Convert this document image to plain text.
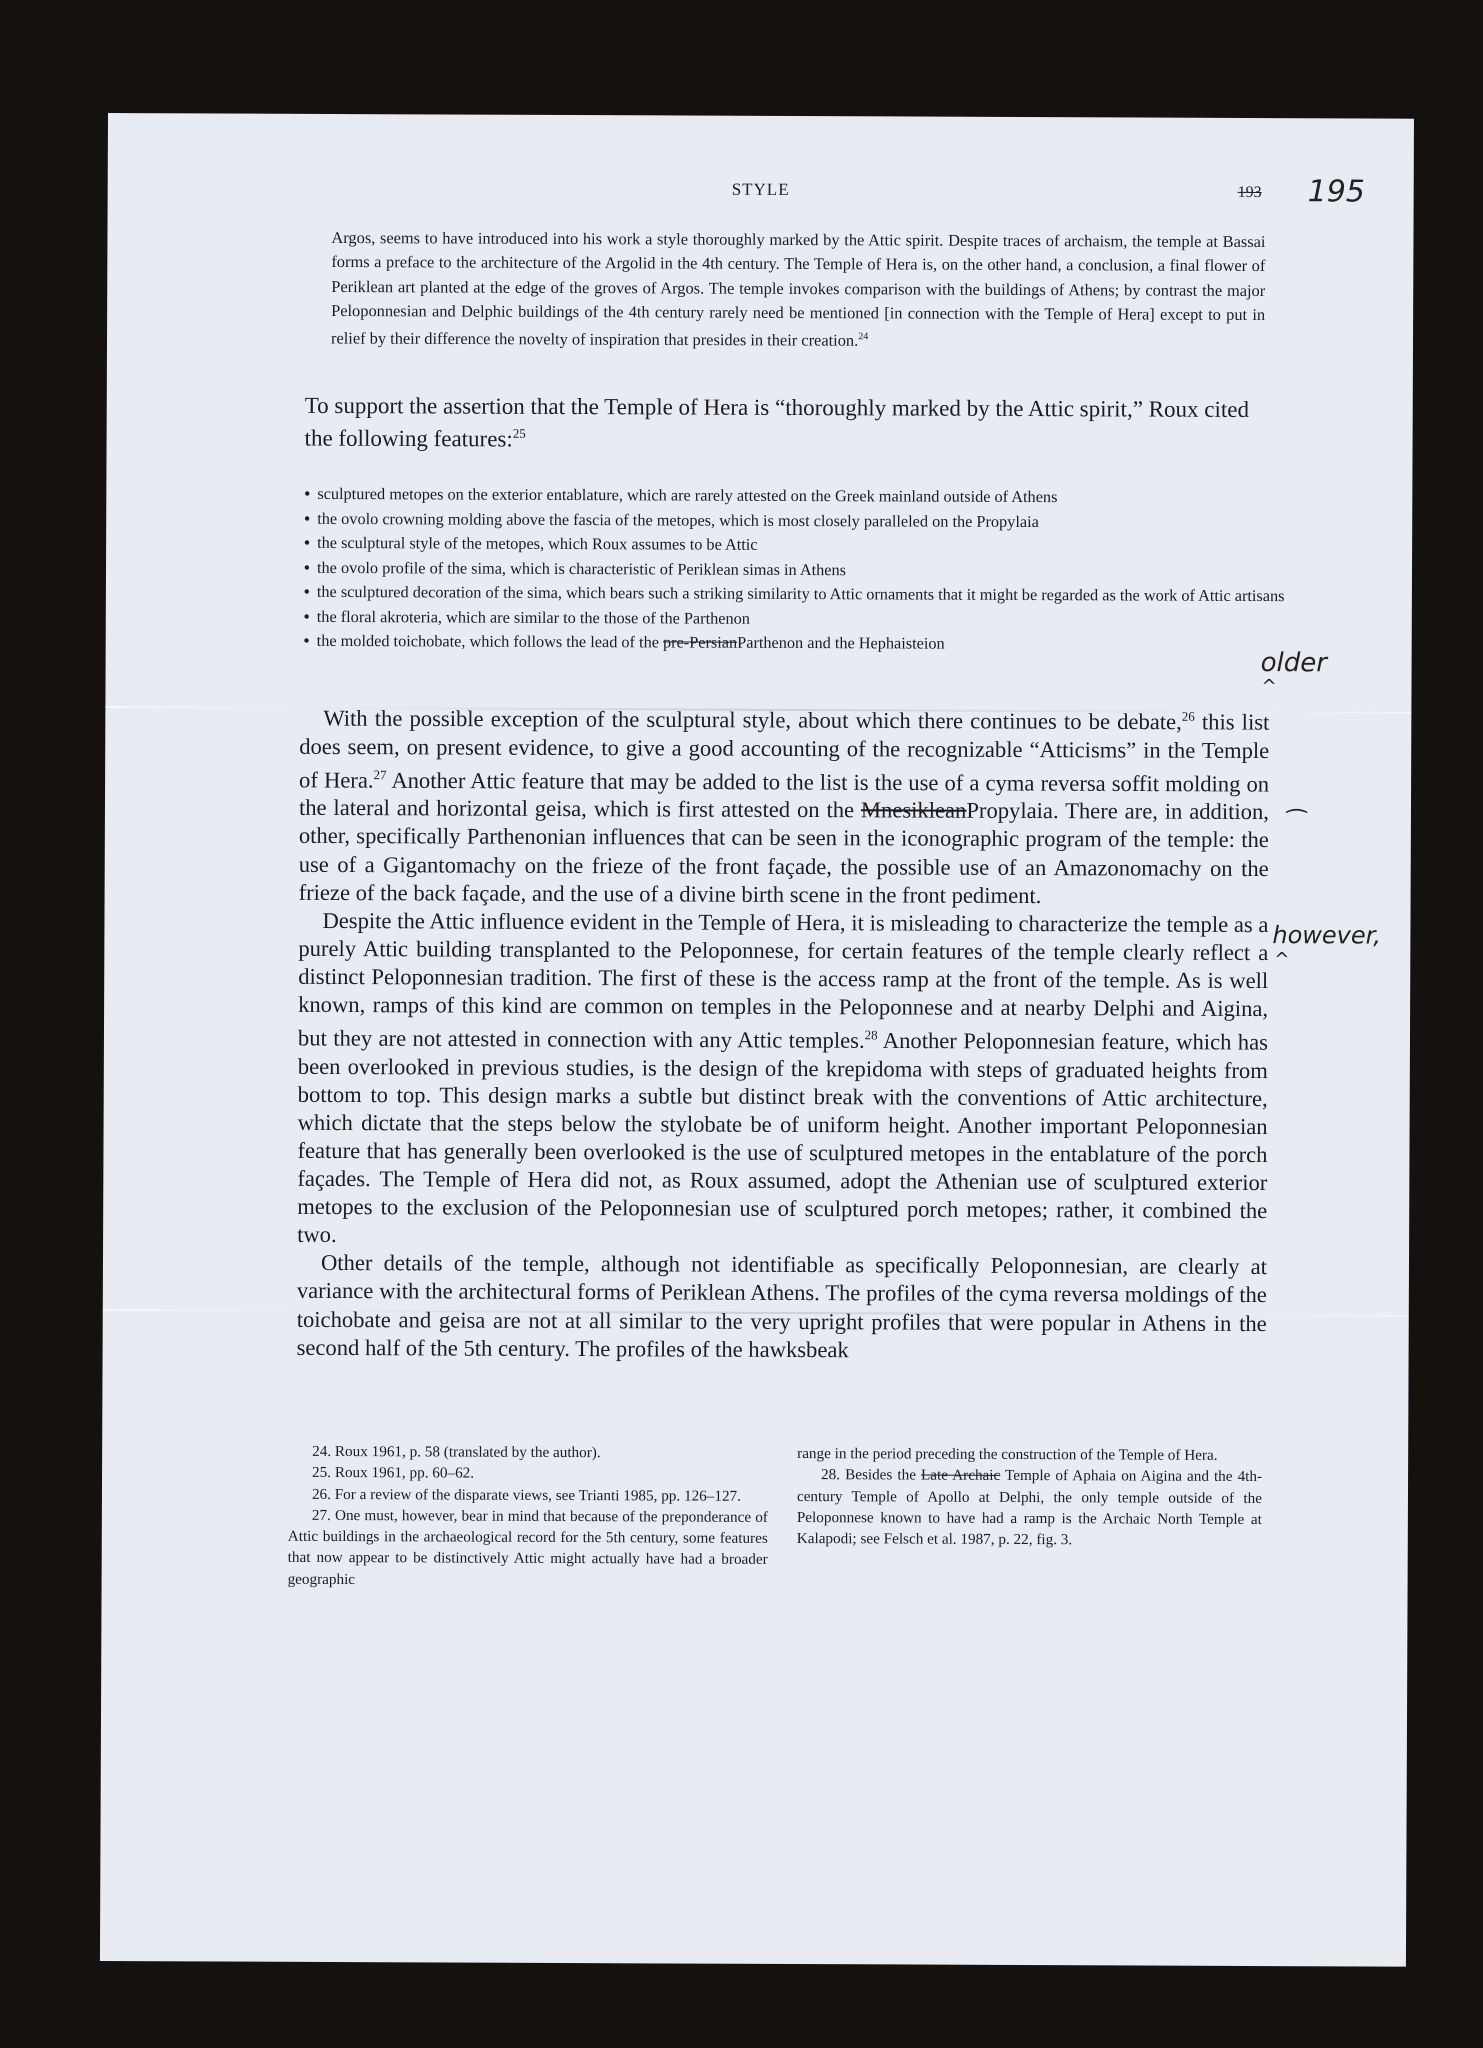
STYLE	193 195
Argos, seems to have introduced into his work a style thoroughly marked by the Attic spirit. Despite traces of archaism, the temple at Bassai forms a preface to the architecture of the Argolid in the 4th century. The Temple of Hera is, on the other hand, a conclusion, a final flower of Periklean art planted at the edge of the groves of Argos. The temple invokes comparison with the buildings of Athens; by contrast the major Peloponnesian and Delphic buildings of the 4th century rarely need be mentioned [in connection with the Temple of Hera] except to put in relief by their difference the novelty of inspiration that presides in their creation.$^{24}$
To support the assertion that the Temple of Hera is “thoroughly marked by the Attic spirit,” Roux cited the following features:$^{25}$
• sculptured metopes on the exterior entablature, which are rarely attested on the Greek mainland outside of Athens
• the ovolo crowning molding above the fascia of the metopes, which is most closely paralleled on the Propylaia
• the sculptural style of the metopes, which Roux assumes to be Attic
• the ovolo profile of the sima, which is characteristic of Periklean simas in Athens
• the sculptured decoration of the sima, which bears such a striking similarity to Attic ornaments that it might be regarded as the work of Attic artisans
• the floral akroteria, which are similar to the those of the Parthenon
• the molded toichobate, which follows the lead of the pre-PersianParthenon and the Hephaisteion
older
^
⁀
however,
^

With the possible exception of the sculptural style, about which there continues to be debate,$^{26}$ this list does seem, on present evidence, to give a good accounting of the recognizable “Atticisms” in the Temple of Hera.$^{27}$ Another Attic feature that may be added to the list is the use of a cyma reversa soffit molding on the lateral and horizontal geisa, which is first attested on the MnesikleanPropylaia. There are, in addition, other, specifically Parthenonian influences that can be seen in the iconographic program of the temple: the use of a Gigantomachy on the frieze of the front façade, the possible use of an Amazonomachy on the frieze of the back façade, and the use of a divine birth scene in the front pediment.

Despite the Attic influence evident in the Temple of Hera, it is misleading to characterize the temple as a purely Attic building transplanted to the Peloponnese, for certain features of the temple clearly reflect a distinct Peloponnesian tradition. The first of these is the access ramp at the front of the temple. As is well known, ramps of this kind are common on temples in the Peloponnese and at nearby Delphi and Aigina, but they are not attested in connection with any Attic temples.$^{28}$ Another Peloponnesian feature, which has been overlooked in previous studies, is the design of the krepidoma with steps of graduated heights from bottom to top. This design marks a subtle but distinct break with the conventions of Attic architecture, which dictate that the steps below the stylobate be of uniform height. Another important Peloponnesian feature that has generally been overlooked is the use of sculptured metopes in the entablature of the porch façades. The Temple of Hera did not, as Roux assumed, adopt the Athenian use of sculptured exterior metopes to the exclusion of the Peloponnesian use of sculptured porch metopes; rather, it combined the two.

Other details of the temple, although not identifiable as specifically Peloponnesian, are clearly at variance with the architectural forms of Periklean Athens. The profiles of the cyma reversa moldings of the toichobate and geisa are not at all similar to the very upright profiles that were popular in Athens in the second half of the 5th century. The profiles of the hawksbeak

24. Roux 1961, p. 58 (translated by the author).

25. Roux 1961, pp. 60–62.

26. For a review of the disparate views, see Trianti 1985, pp. 126–127.

27. One must, however, bear in mind that because of the preponderance of Attic buildings in the archaeological record for the 5th century, some features that now appear to be distinctively Attic might actually have had a broader geographic

range in the period preceding the construction of the Temple of Hera.

28. Besides the Late Archaic Temple of Aphaia on Aigina and the 4th-century Temple of Apollo at Delphi, the only temple outside of the Peloponnese known to have had a ramp is the Archaic North Temple at Kalapodi; see Felsch et al. 1987, p. 22, fig. 3.
